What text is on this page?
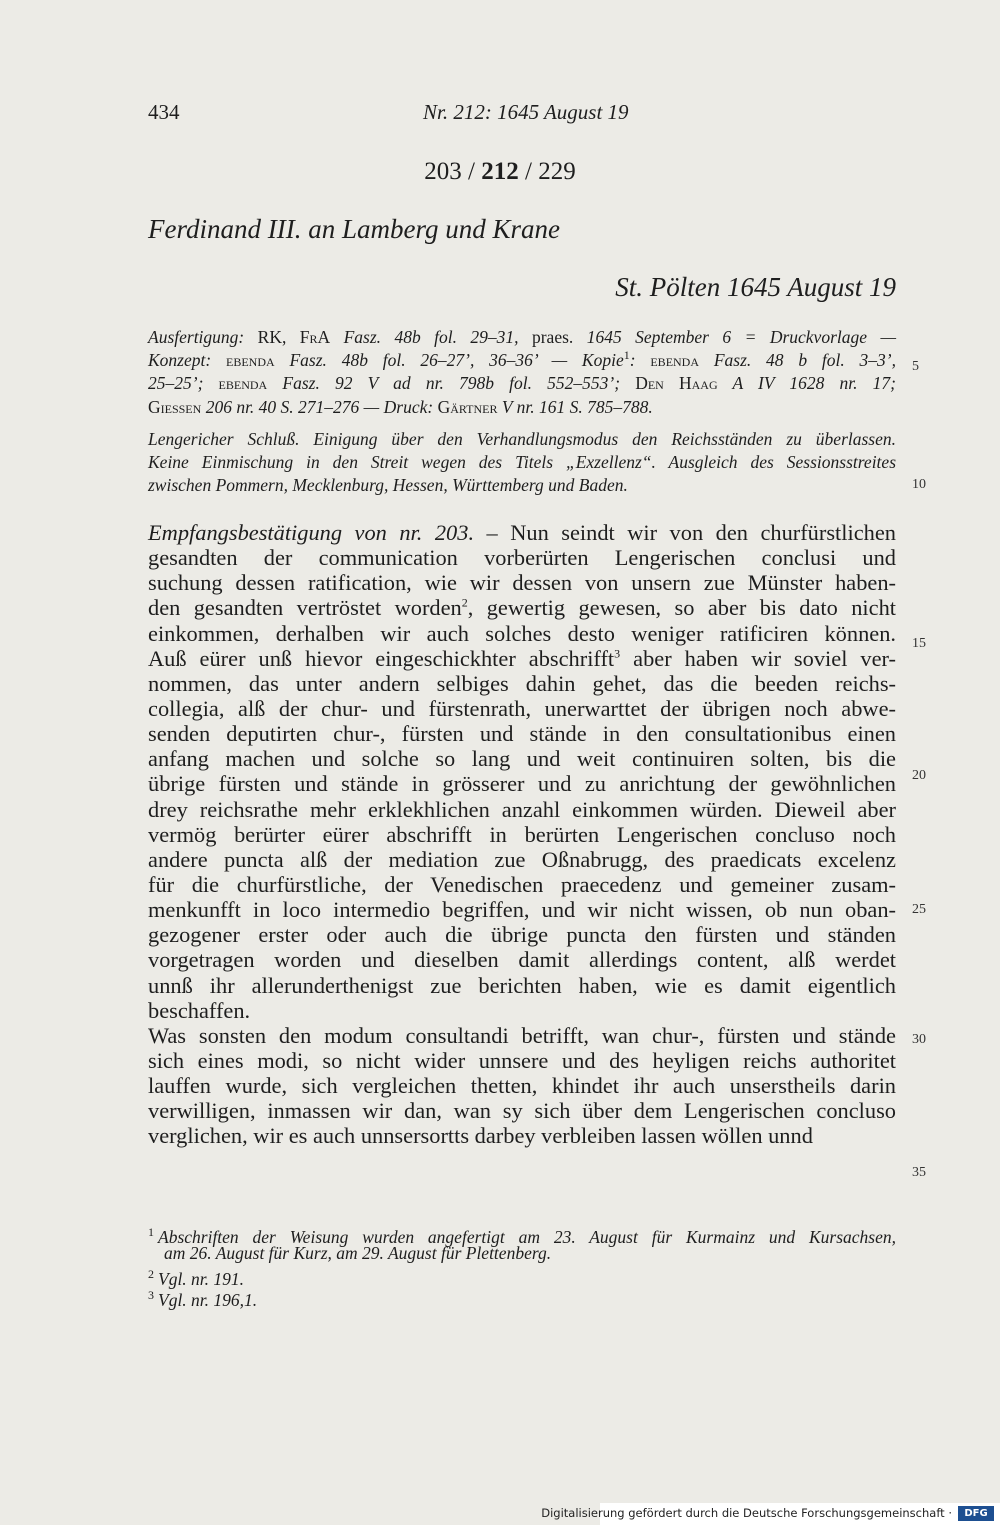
434	Nr. 212: 1645 August 19
203 / 212 / 229
Ferdinand III. an Lamberg und Krane
St. Pölten 1645 August 19
Ausfertigung: RK, FrA Fasz. 48b fol. 29–31, praes. 1645 September 6 = Druckvorlage —
Konzept: ebenda Fasz. 48b fol. 26–27’, 36–36’ — Kopie$^1$: ebenda Fasz. 48 b fol. 3–3’,
25–25’; ebenda Fasz. 92 V ad nr. 798b fol. 552–553’; Den Haag A IV 1628 nr. 17;
Giessen 206 nr. 40 S. 271–276 — Druck: Gärtner V nr. 161 S. 785–788.
Lengericher Schluß. Einigung über den Verhandlungsmodus den Reichsständen zu überlassen.
Keine Einmischung in den Streit wegen des Titels „Exzellenz“. Ausgleich des Sessionsstreites
zwischen Pommern, Mecklenburg, Hessen, Württemberg und Baden.
Empfangsbestätigung von nr. 203. – Nun seindt wir von den churfürstlichen
gesandten der communication vorberürten Lengerischen conclusi und
suchung dessen ratification, wie wir dessen von unsern zue Münster haben-
den gesandten vertröstet worden$^2$, gewertig gewesen, so aber bis dato nicht
einkommen, derhalben wir auch solches desto weniger ratificiren können.
Auß eürer unß hievor eingeschickhter abschrifft$^3$ aber haben wir soviel ver-
nommen, das unter andern selbiges dahin gehet, das die beeden reichs-
collegia, alß der chur- und fürstenrath, unerwarttet der übrigen noch abwe-
senden deputirten chur-, fürsten und stände in den consultationibus einen
anfang machen und solche so lang und weit continuiren solten, bis die
übrige fürsten und stände in grösserer und zu anrichtung der gewöhnlichen
drey reichsrathe mehr erklekhlichen anzahl einkommen würden. Dieweil aber
vermög berürter eürer abschrifft in berürten Lengerischen concluso noch
andere puncta alß der mediation zue Oßnabrugg, des praedicats excelenz
für die churfürstliche, der Venedischen praecedenz und gemeiner zusam-
menkunfft in loco intermedio begriffen, und wir nicht wissen, ob nun oban-
gezogener erster oder auch die übrige puncta den fürsten und ständen
vorgetragen worden und dieselben damit allerdings content, alß werdet
unnß ihr allerunderthenigst zue berichten haben, wie es damit eigentlich
beschaffen.
Was sonsten den modum consultandi betrifft, wan chur-, fürsten und stände
sich eines modi, so nicht wider unnsere und des heyligen reichs authoritet
lauffen wurde, sich vergleichen thetten, khindet ihr auch unserstheils darin
verwilligen, inmassen wir dan, wan sy sich über dem Lengerischen concluso
verglichen, wir es auch unnsersortts darbey verbleiben lassen wöllen unnd
5
10
15
20
25
30
35
$^1$ Abschriften der Weisung wurden angefertigt am 23. August für Kurmainz und Kursachsen,
am 26. August für Kurz, am 29. August für Plettenberg.
$^2$ Vgl. nr. 191.
$^3$ Vgl. nr. 196,1.
Digitalisierung gefördert durch die Deutsche Forschungsgemeinschaft ·	DFG
